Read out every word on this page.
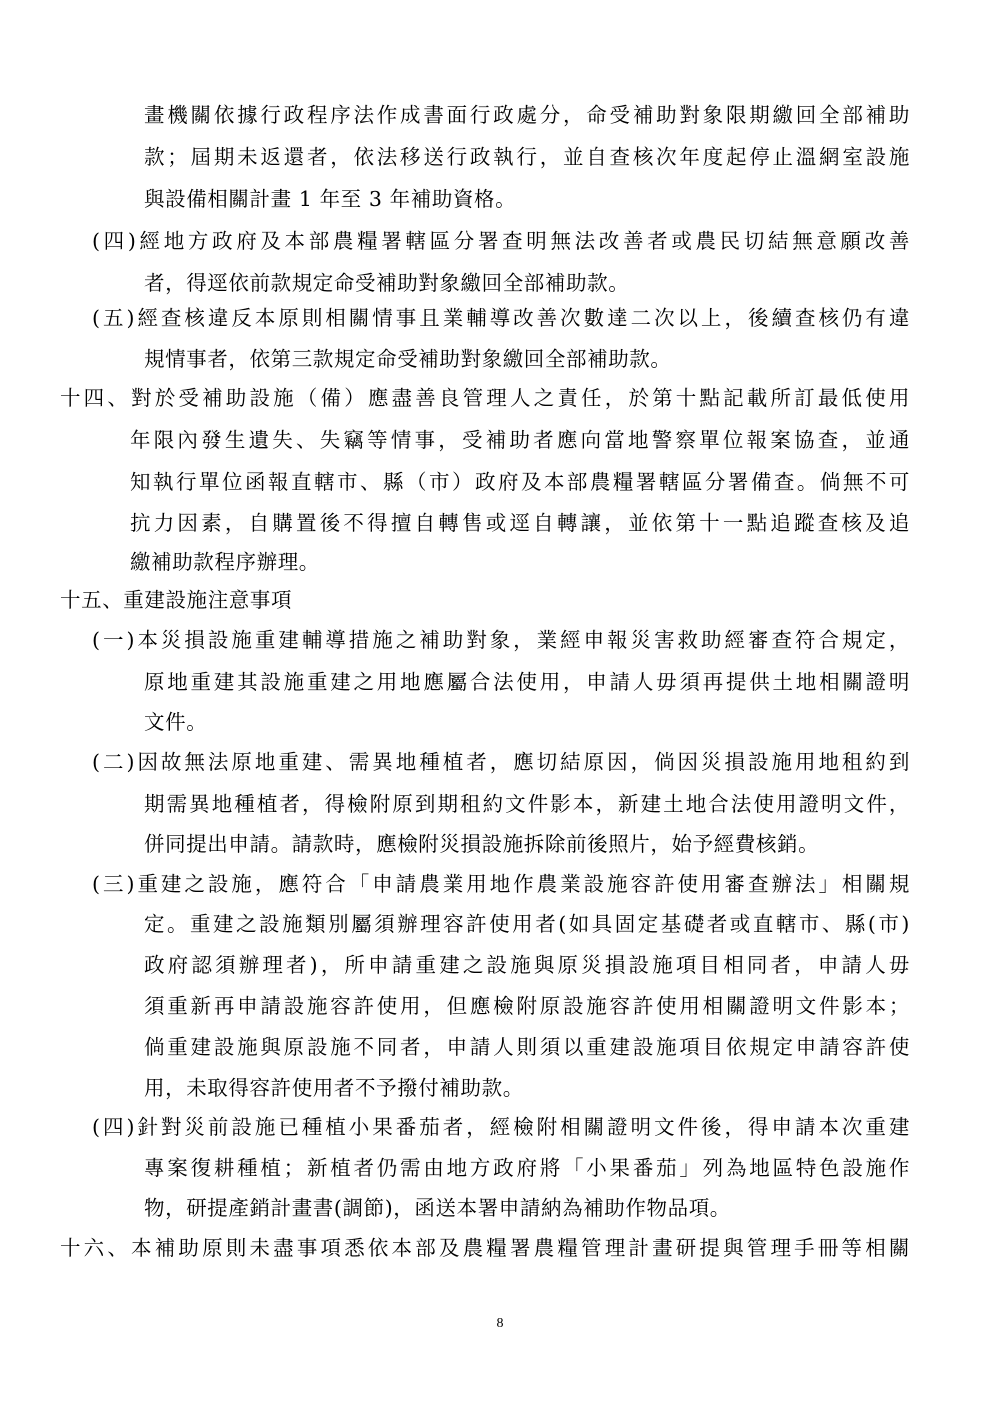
畫機關依據行政程序法作成書面行政處分，命受補助對象限期繳回全部補助
款；屆期未返還者，依法移送行政執行，並自查核次年度起停止溫網室設施
與設備相關計畫 1 年至 3 年補助資格。
(四)經地方政府及本部農糧署轄區分署查明無法改善者或農民切結無意願改善
者，得逕依前款規定命受補助對象繳回全部補助款。
(五)經查核違反本原則相關情事且業輔導改善次數達二次以上，後續查核仍有違
規情事者，依第三款規定命受補助對象繳回全部補助款。
十四、對於受補助設施（備）應盡善良管理人之責任，於第十點記載所訂最低使用
年限內發生遺失、失竊等情事，受補助者應向當地警察單位報案協查，並通
知執行單位函報直轄市、縣（市）政府及本部農糧署轄區分署備查。倘無不可
抗力因素，自購置後不得擅自轉售或逕自轉讓，並依第十一點追蹤查核及追
繳補助款程序辦理。
十五、重建設施注意事項
(一)本災損設施重建輔導措施之補助對象，業經申報災害救助經審查符合規定，
原地重建其設施重建之用地應屬合法使用，申請人毋須再提供土地相關證明
文件。
(二)因故無法原地重建、需異地種植者，應切結原因，倘因災損設施用地租約到
期需異地種植者，得檢附原到期租約文件影本，新建土地合法使用證明文件，
併同提出申請。請款時，應檢附災損設施拆除前後照片，始予經費核銷。
(三)重建之設施，應符合「申請農業用地作農業設施容許使用審查辦法」相關規
定。重建之設施類別屬須辦理容許使用者(如具固定基礎者或直轄市、縣(市)
政府認須辦理者)，所申請重建之設施與原災損設施項目相同者，申請人毋
須重新再申請設施容許使用，但應檢附原設施容許使用相關證明文件影本；
倘重建設施與原設施不同者，申請人則須以重建設施項目依規定申請容許使
用，未取得容許使用者不予撥付補助款。
(四)針對災前設施已種植小果番茄者，經檢附相關證明文件後，得申請本次重建
專案復耕種植；新植者仍需由地方政府將「小果番茄」列為地區特色設施作
物，研提產銷計畫書(調節)，函送本署申請納為補助作物品項。
十六、本補助原則未盡事項悉依本部及農糧署農糧管理計畫研提與管理手冊等相關
8
